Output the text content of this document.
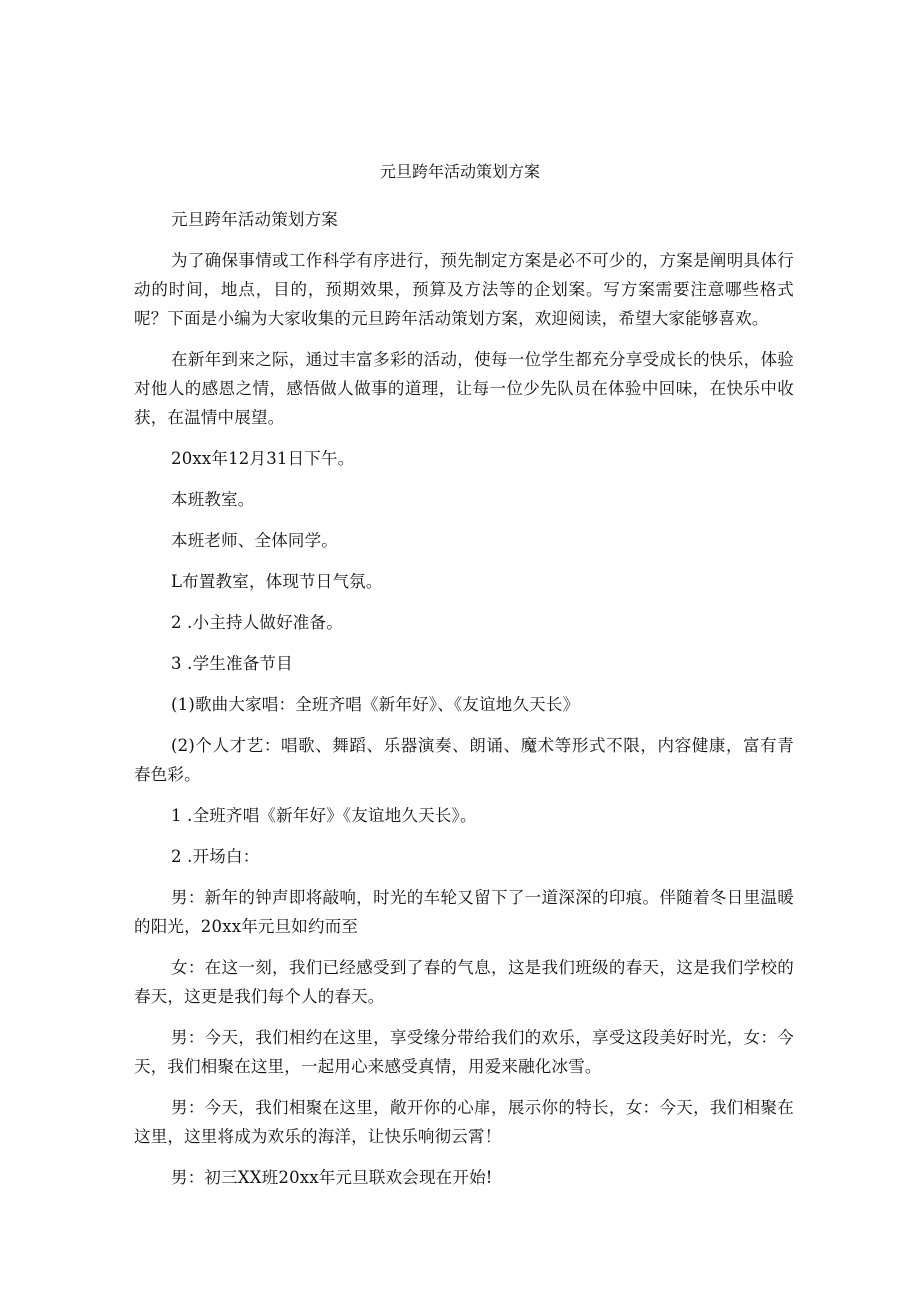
元旦跨年活动策划方案

元旦跨年活动策划方案

为了确保事情或工作科学有序进行，预先制定方案是必不可少的，方案是阐明具体行动的时间，地点，目的，预期效果，预算及方法等的企划案。写方案需要注意哪些格式呢？下面是小编为大家收集的元旦跨年活动策划方案，欢迎阅读，希望大家能够喜欢。

在新年到来之际，通过丰富多彩的活动，使每一位学生都充分享受成长的快乐，体验对他人的感恩之情，感悟做人做事的道理，让每一位少先队员在体验中回味，在快乐中收获，在温情中展望。

20xx年12月31日下午。

本班教室。

本班老师、全体同学。

L布置教室，体现节日气氛。

2 .小主持人做好准备。

3 .学生准备节目

(1)歌曲大家唱：全班齐唱《新年好》、《友谊地久天长》

(2)个人才艺：唱歌、舞蹈、乐器演奏、朗诵、魔术等形式不限，内容健康，富有青春色彩。

1 .全班齐唱《新年好》《友谊地久天长》。

2 .开场白：

男：新年的钟声即将敲响，时光的车轮又留下了一道深深的印痕。伴随着冬日里温暖的阳光，20xx年元旦如约而至

女：在这一刻，我们已经感受到了春的气息，这是我们班级的春天，这是我们学校的春天，这更是我们每个人的春天。

男：今天，我们相约在这里，享受缘分带给我们的欢乐，享受这段美好时光，女：今天，我们相聚在这里，一起用心来感受真情，用爱来融化冰雪。

男：今天，我们相聚在这里，敞开你的心扉，展示你的特长，女：今天，我们相聚在这里，这里将成为欢乐的海洋，让快乐响彻云霄！

男：初三XX班20xx年元旦联欢会现在开始!
